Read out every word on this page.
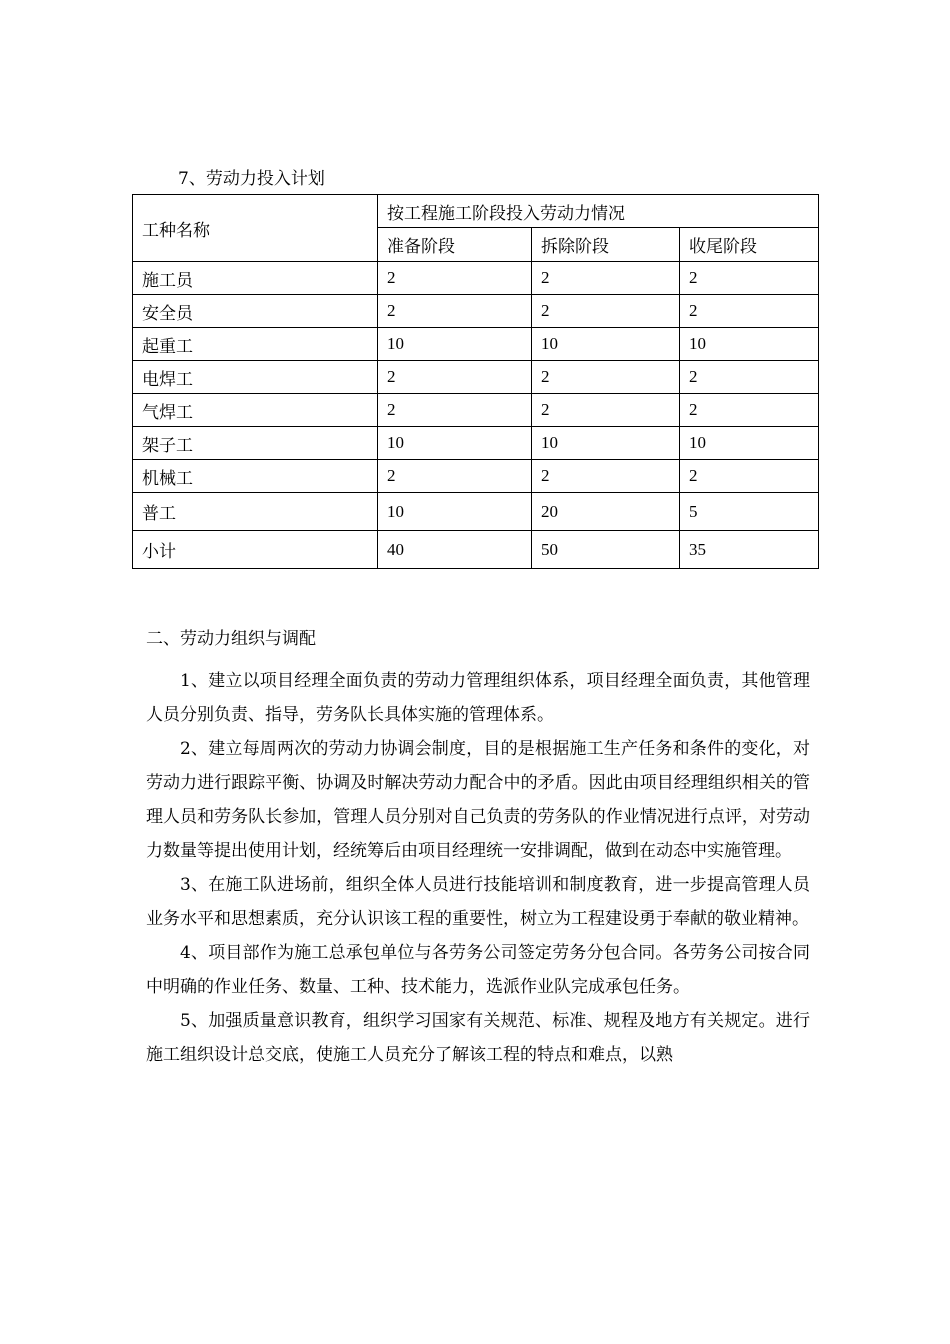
7、劳动力投入计划
工种名称	按工程施工阶段投入劳动力情况		
	准备阶段	拆除阶段	收尾阶段
施工员	2	2	2
安全员	2	2	2
起重工	10	10	10
电焊工	2	2	2
气焊工	2	2	2
架子工	10	10	10
机械工	2	2	2
普工	10	20	5
小计	40	50	35
二、劳动力组织与调配

1、建立以项目经理全面负责的劳动力管理组织体系，项目经理全面负责，其他管理人员分别负责、指导，劳务队长具体实施的管理体系。

2、建立每周两次的劳动力协调会制度，目的是根据施工生产任务和条件的变化，对劳动力进行跟踪平衡、协调及时解决劳动力配合中的矛盾。因此由项目经理组织相关的管理人员和劳务队长参加，管理人员分别对自己负责的劳务队的作业情况进行点评，对劳动力数量等提出使用计划，经统筹后由项目经理统一安排调配，做到在动态中实施管理。

3、在施工队进场前，组织全体人员进行技能培训和制度教育，进一步提高管理人员业务水平和思想素质，充分认识该工程的重要性，树立为工程建设勇于奉献的敬业精神。

4、项目部作为施工总承包单位与各劳务公司签定劳务分包合同。各劳务公司按合同中明确的作业任务、数量、工种、技术能力，选派作业队完成承包任务。

5、加强质量意识教育，组织学习国家有关规范、标准、规程及地方有关规定。进行施工组织设计总交底，使施工人员充分了解该工程的特点和难点，以熟
